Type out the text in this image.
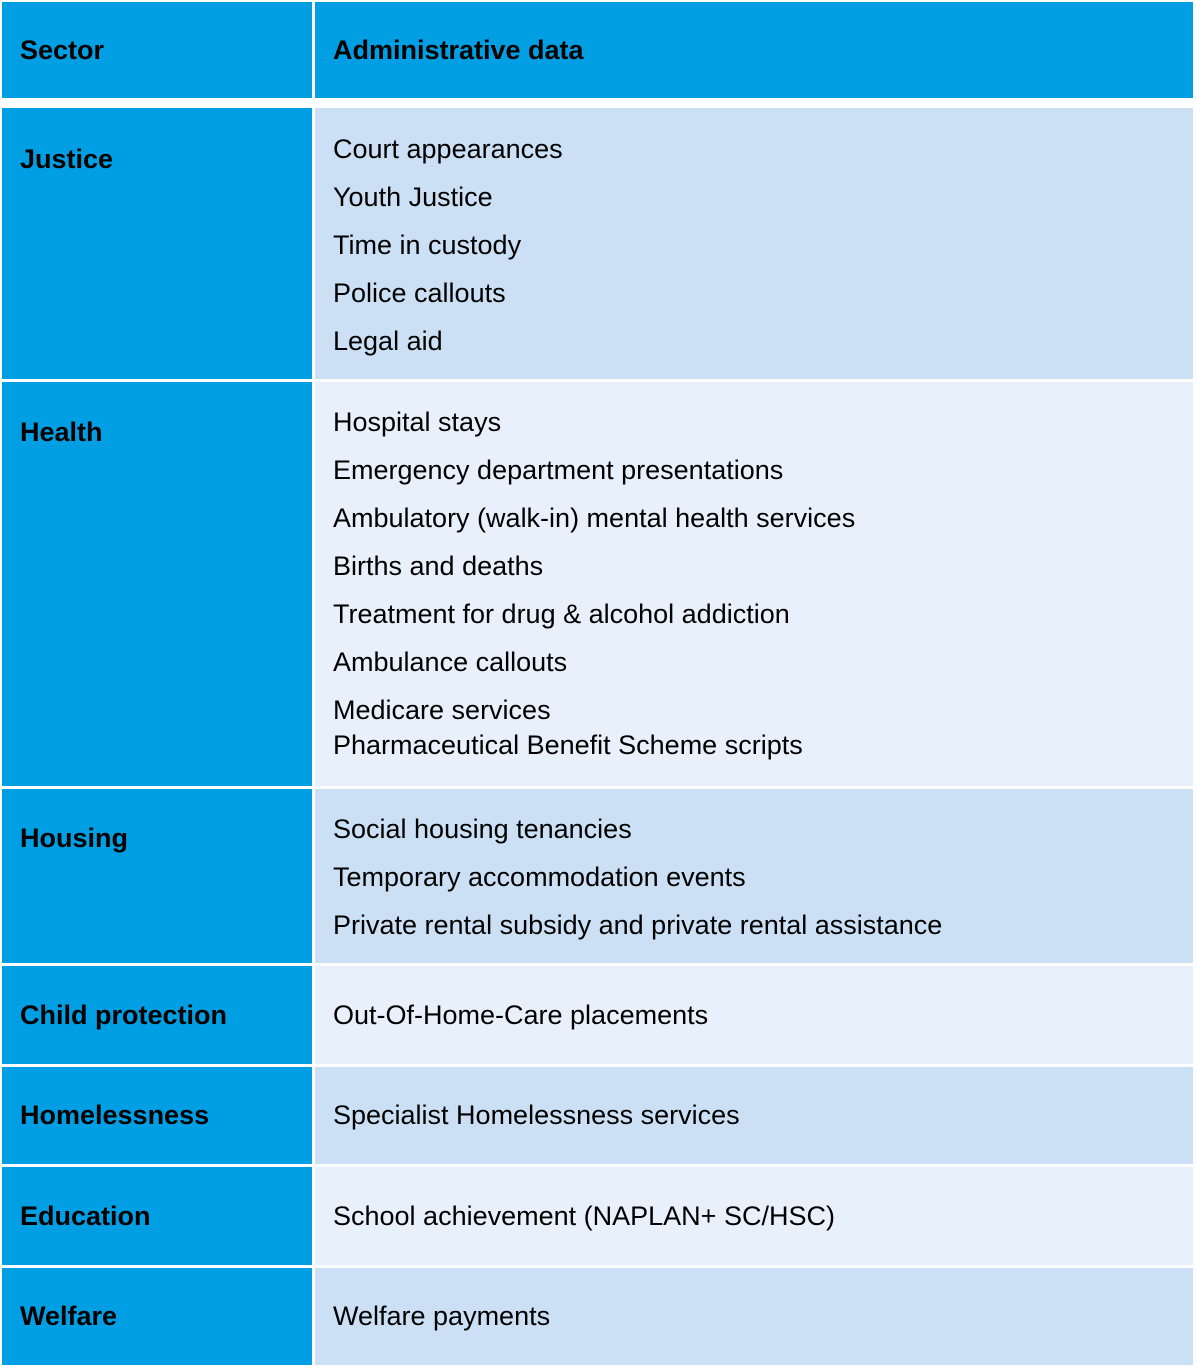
Sector	Administrative data
Justice	Court appearances
Youth Justice
Time in custody
Police callouts
Legal aid
Health	Hospital stays
Emergency department presentations
Ambulatory (walk-in) mental health services
Births and deaths
Treatment for drug & alcohol addiction
Ambulance callouts
Medicare services
Pharmaceutical Benefit Scheme scripts
Housing	Social housing tenancies
Temporary accommodation events
Private rental subsidy and private rental assistance
Child protection	Out-Of-Home-Care placements
Homelessness	Specialist Homelessness services
Education	School achievement (NAPLAN+ SC/HSC)
Welfare	Welfare payments
